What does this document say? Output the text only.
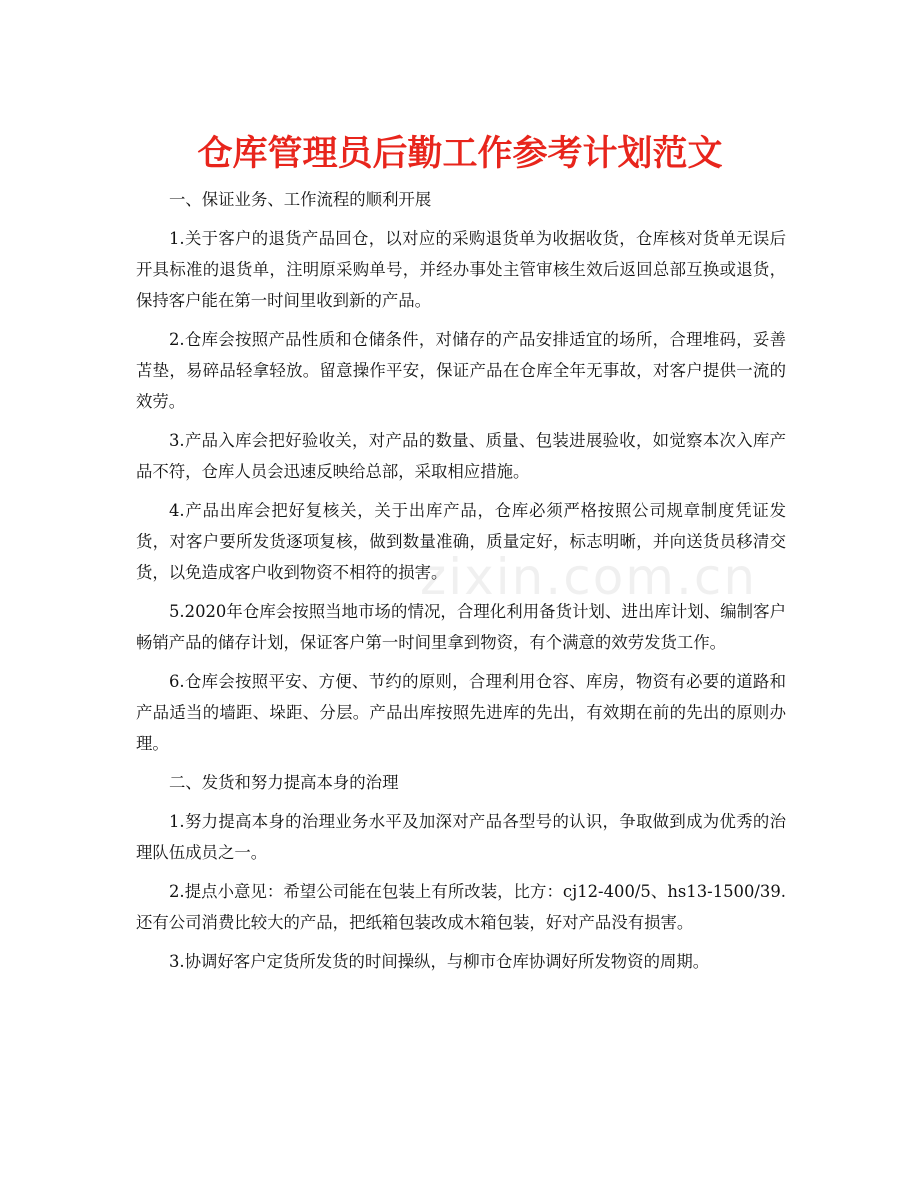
仓库管理员后勤工作参考计划范文
zixin.com.cn

一、保证业务、工作流程的顺利开展

1.关于客户的退货产品回仓，以对应的采购退货单为收据收货，仓库核对货单无误后开具标准的退货单，注明原采购单号，并经办事处主管审核生效后返回总部互换或退货，保持客户能在第一时间里收到新的产品。

2.仓库会按照产品性质和仓储条件，对储存的产品安排适宜的场所，合理堆码，妥善苫垫，易碎品轻拿轻放。留意操作平安，保证产品在仓库全年无事故，对客户提供一流的效劳。

3.产品入库会把好验收关，对产品的数量、质量、包装进展验收，如觉察本次入库产品不符，仓库人员会迅速反映给总部，采取相应措施。

4.产品出库会把好复核关，关于出库产品，仓库必须严格按照公司规章制度凭证发货，对客户要所发货逐项复核，做到数量准确，质量定好，标志明晰，并向送货员移清交货，以免造成客户收到物资不相符的损害。

5.2020年仓库会按照当地市场的情况，合理化利用备货计划、进出库计划、编制客户畅销产品的储存计划，保证客户第一时间里拿到物资，有个满意的效劳发货工作。

6.仓库会按照平安、方便、节约的原则，合理利用仓容、库房，物资有必要的道路和产品适当的墙距、垛距、分层。产品出库按照先进库的先出，有效期在前的先出的原则办理。

二、发货和努力提高本身的治理

1.努力提高本身的治理业务水平及加深对产品各型号的认识，争取做到成为优秀的治理队伍成员之一。

2.提点小意见：希望公司能在包装上有所改装，比方：cj12-400/5、hs13-1500/39.还有公司消费比较大的产品，把纸箱包装改成木箱包装，好对产品没有损害。

3.协调好客户定货所发货的时间操纵，与柳市仓库协调好所发物资的周期。
